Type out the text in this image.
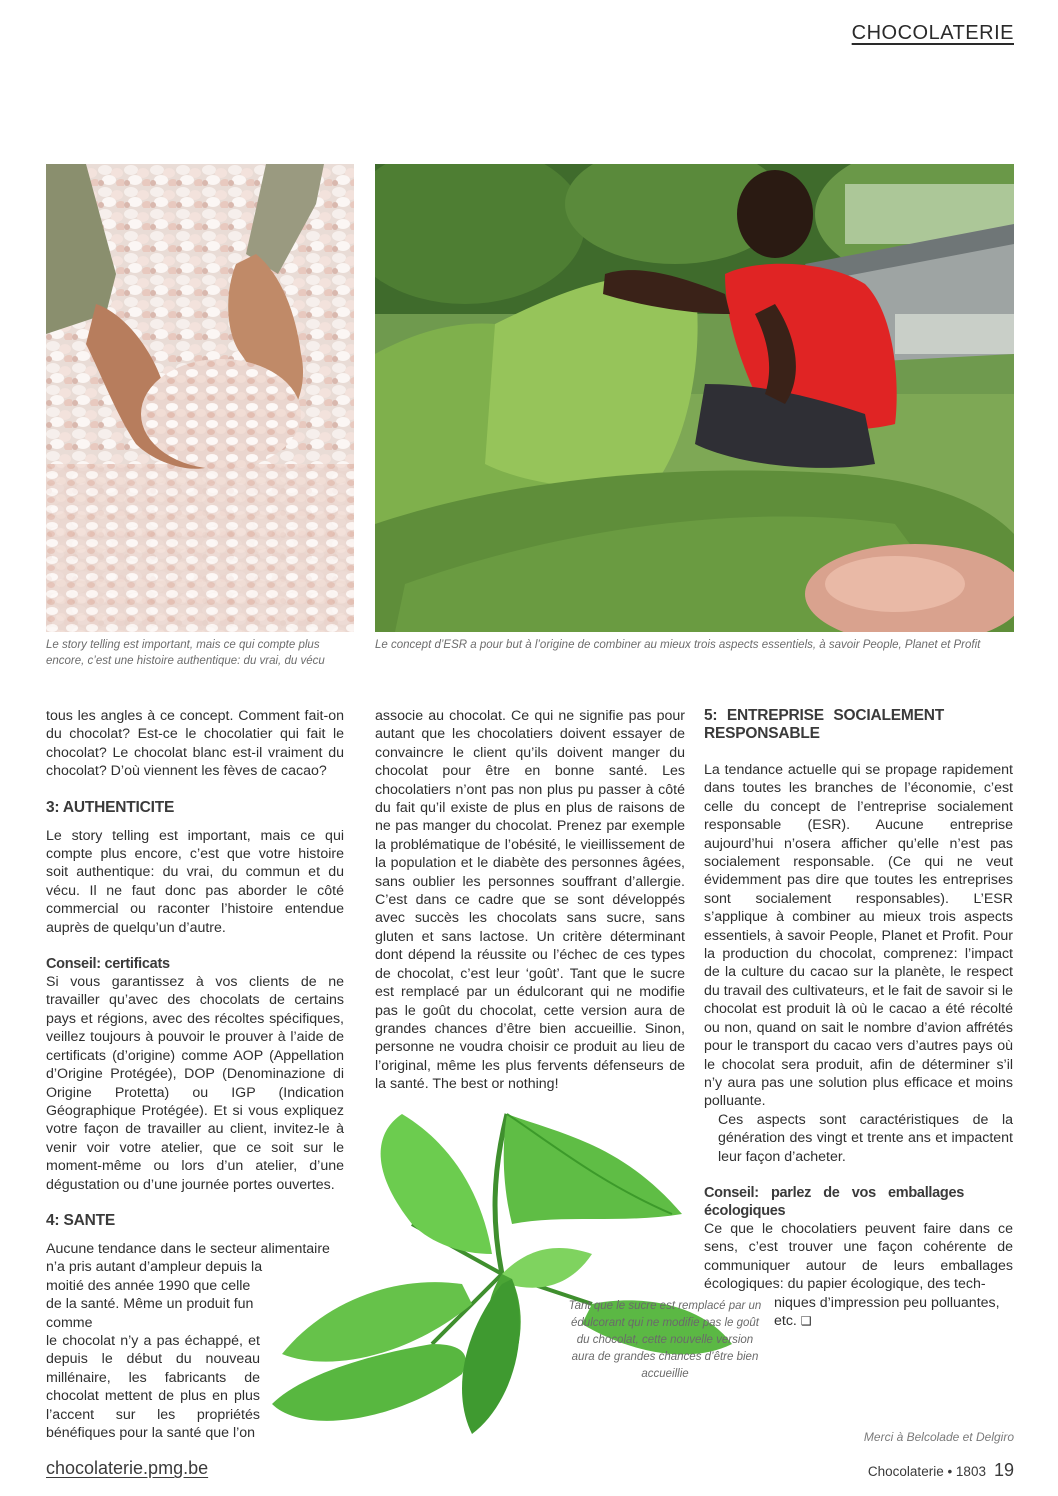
CHOCOLATERIE
Le story telling est important, mais ce qui compte plus encore, c’est une histoire authentique: du vrai, du vécu
Le concept d’ESR a pour but à l’origine de combiner au mieux trois aspects essentiels, à savoir People, Planet et Profit

tous les angles à ce concept. Comment fait-on du chocolat? Est-ce le chocolatier qui fait le chocolat? Le chocolat blanc est-il vraiment du chocolat? D’où viennent les fèves de cacao?

3: AUTHENTICITE

Le story telling est important, mais ce qui compte plus encore, c’est que votre histoire soit authentique: du vrai, du commun et du vécu. Il ne faut donc pas aborder le côté commercial ou raconter l’histoire entendue auprès de quelqu’un d’autre.

Conseil: certificats

Si vous garantissez à vos clients de ne travailler qu’avec des chocolats de certains pays et régions, avec des récoltes spécifiques, veillez toujours à pouvoir le prouver à l’aide de certificats (d’origine) comme AOP (Appellation d’Origine Protégée), DOP (Denominazione di Origine Protetta) ou IGP (Indication Géographique Protégée). Et si vous expliquez votre façon de travailler au client, invitez-le à venir voir votre atelier, que ce soit sur le moment-même ou lors d’un atelier, d’une dégustation ou d’une journée portes ouvertes.

4: SANTE

Aucune tendance dans le secteur alimentaire

n’a pris autant d’ampleur depuis la

moitié des année 1990 que celle

de la santé. Même un produit fun

comme

le chocolat n’y a pas échappé, et depuis le début du nouveau millénaire, les fabricants de chocolat mettent de plus en plus l’accent sur les propriétés bénéfiques pour la santé que l’on

associe au chocolat. Ce qui ne signifie pas pour autant que les chocolatiers doivent essayer de convaincre le client qu’ils doivent manger du chocolat pour être en bonne santé. Les chocolatiers n’ont pas non plus pu passer à côté du fait qu’il existe de plus en plus de raisons de ne pas manger du chocolat. Prenez par exemple la problématique de l’obésité, le vieillissement de la population et le diabète des personnes âgées, sans oublier les personnes souffrant d’allergie. C’est dans ce cadre que se sont développés avec succès les chocolats sans sucre, sans gluten et sans lactose. Un critère déterminant dont dépend la réussite ou l’échec de ces types de chocolat, c’est leur ‘goût’. Tant que le sucre est remplacé par un édulcorant qui ne modifie pas le goût du chocolat, cette version aura de grandes chances d’être bien accueillie. Sinon, personne ne voudra choisir ce produit au lieu de l’original, même les plus fervents défenseurs de la santé. The best or nothing!

Tant que le sucre est remplacé par un édulcorant qui ne modifie pas le goût du chocolat, cette nouvelle version aura de grandes chances d’être bien accueillie
5: ENTREPRISE SOCIALEMENT RESPONSABLE

La tendance actuelle qui se propage rapidement dans toutes les branches de l’économie, c’est celle du concept de l’entreprise socialement responsable (ESR). Aucune entreprise aujourd’hui n’osera afficher qu’elle n’est pas socialement responsable. (Ce qui ne veut évidemment pas dire que toutes les entreprises sont socialement responsables). L’ESR s’applique à combiner au mieux trois aspects essentiels, à savoir People, Planet et Profit. Pour la production du chocolat, comprenez: l’impact de la culture du cacao sur la planète, le respect du travail des cultivateurs, et le fait de savoir si le chocolat est produit là où le cacao a été récolté ou non, quand on sait le nombre d’avion affrétés pour le transport du cacao vers d’autres pays où le chocolat sera produit, afin de déterminer s’il n’y aura pas une solution plus efficace et moins polluante.

Ces aspects sont caractéristiques de la génération des vingt et trente ans et impactent leur façon d’acheter.

Conseil: parlez de vos emballages écologiques

Ce que le chocolatiers peuvent faire dans ce sens, c’est trouver une façon cohérente de communiquer autour de leurs emballages écologiques: du papier écologique, des tech-

niques d’impression peu polluantes, etc. ❑

Merci à Belcolade et Delgiro
chocolaterie.pmg.be	Chocolaterie • 1803 19
